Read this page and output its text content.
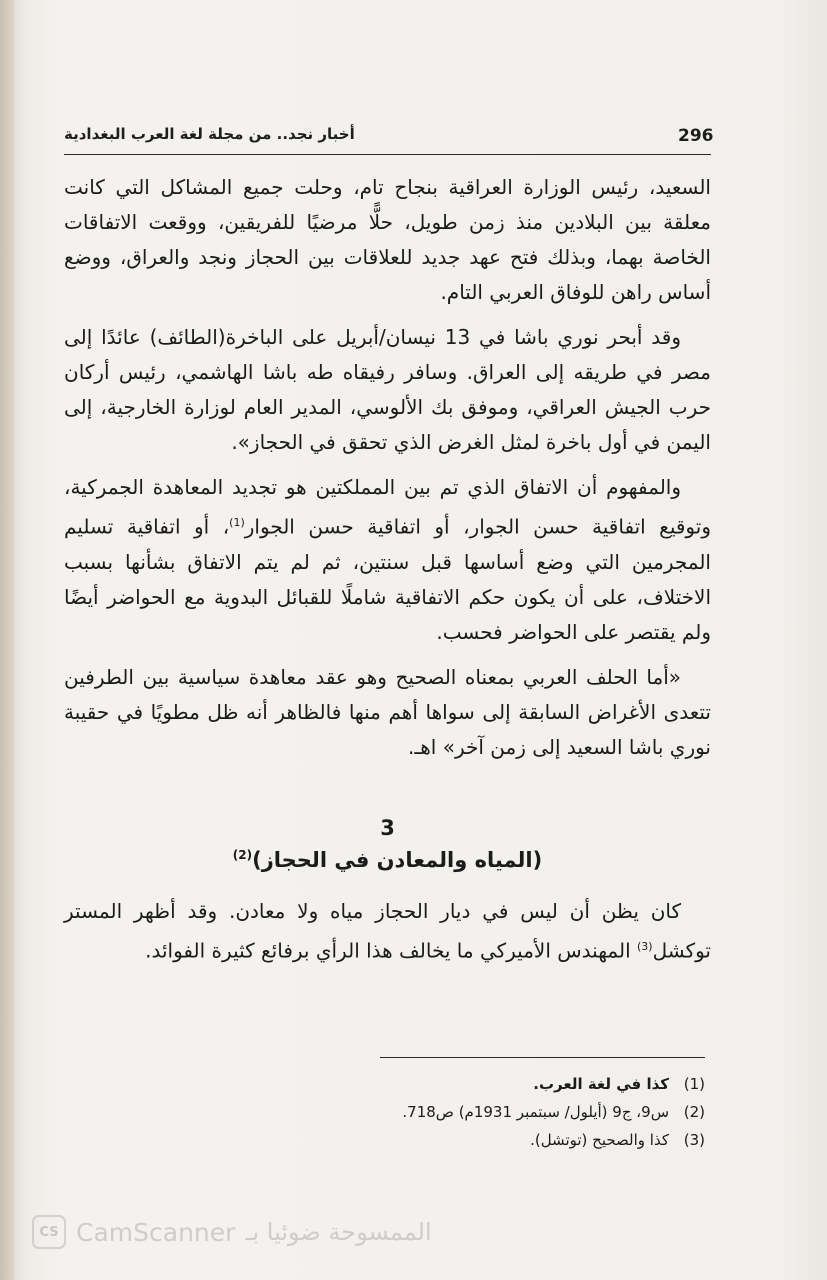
أخبار نجد.. من مجلة لغة العرب البغدادية	296

السعيد، رئيس الوزارة العراقية بنجاح تام، وحلت جميع المشاكل التي كانت معلقة بين البلادين منذ زمن طويل، حلًّا مرضيًا للفريقين، ووقعت الاتفاقات الخاصة بهما، وبذلك فتح عهد جديد للعلاقات بين الحجاز ونجد والعراق، ووضع أساس راهن للوفاق العربي التام.

وقد أبحر نوري باشا في 13 نيسان/أبريل على الباخرة(الطائف) عائدًا إلى مصر في طريقه إلى العراق. وسافر رفيقاه طه باشا الهاشمي، رئيس أركان حرب الجيش العراقي، وموفق بك الألوسي، المدير العام لوزارة الخارجية، إلى اليمن في أول باخرة لمثل الغرض الذي تحقق في الحجاز».

والمفهوم أن الاتفاق الذي تم بين المملكتين هو تجديد المعاهدة الجمركية، وتوقيع اتفاقية حسن الجوار، أو اتفاقية حسن الجوار$^{(1)}$، أو اتفاقية تسليم المجرمين التي وضع أساسها قبل سنتين، ثم لم يتم الاتفاق بشأنها بسبب الاختلاف، على أن يكون حكم الاتفاقية شاملًا للقبائل البدوية مع الحواضر أيضًا ولم يقتصر على الحواضر فحسب.

«أما الحلف العربي بمعناه الصحيح وهو عقد معاهدة سياسية بين الطرفين تتعدى الأغراض السابقة إلى سواها أهم منها فالظاهر أنه ظل مطويًا في حقيبة نوري باشا السعيد إلى زمن آخر» اهـ.

3
(المياه والمعادن في الحجاز)$^{(2)}$

كان يظن أن ليس في ديار الحجاز مياه ولا معادن. وقد أظهر المستر توكشل$^{(3)}$ المهندس الأميركي ما يخالف هذا الرأي برفائع كثيرة الفوائد.

(1)
كذا في لغة العرب.
(2)
س9، ج9 (أيلول/ سبتمبر 1931م) ص718.
(3)
كذا والصحيح (توتشل).
CS CamScanner الممسوحة ضوئيا بـ
